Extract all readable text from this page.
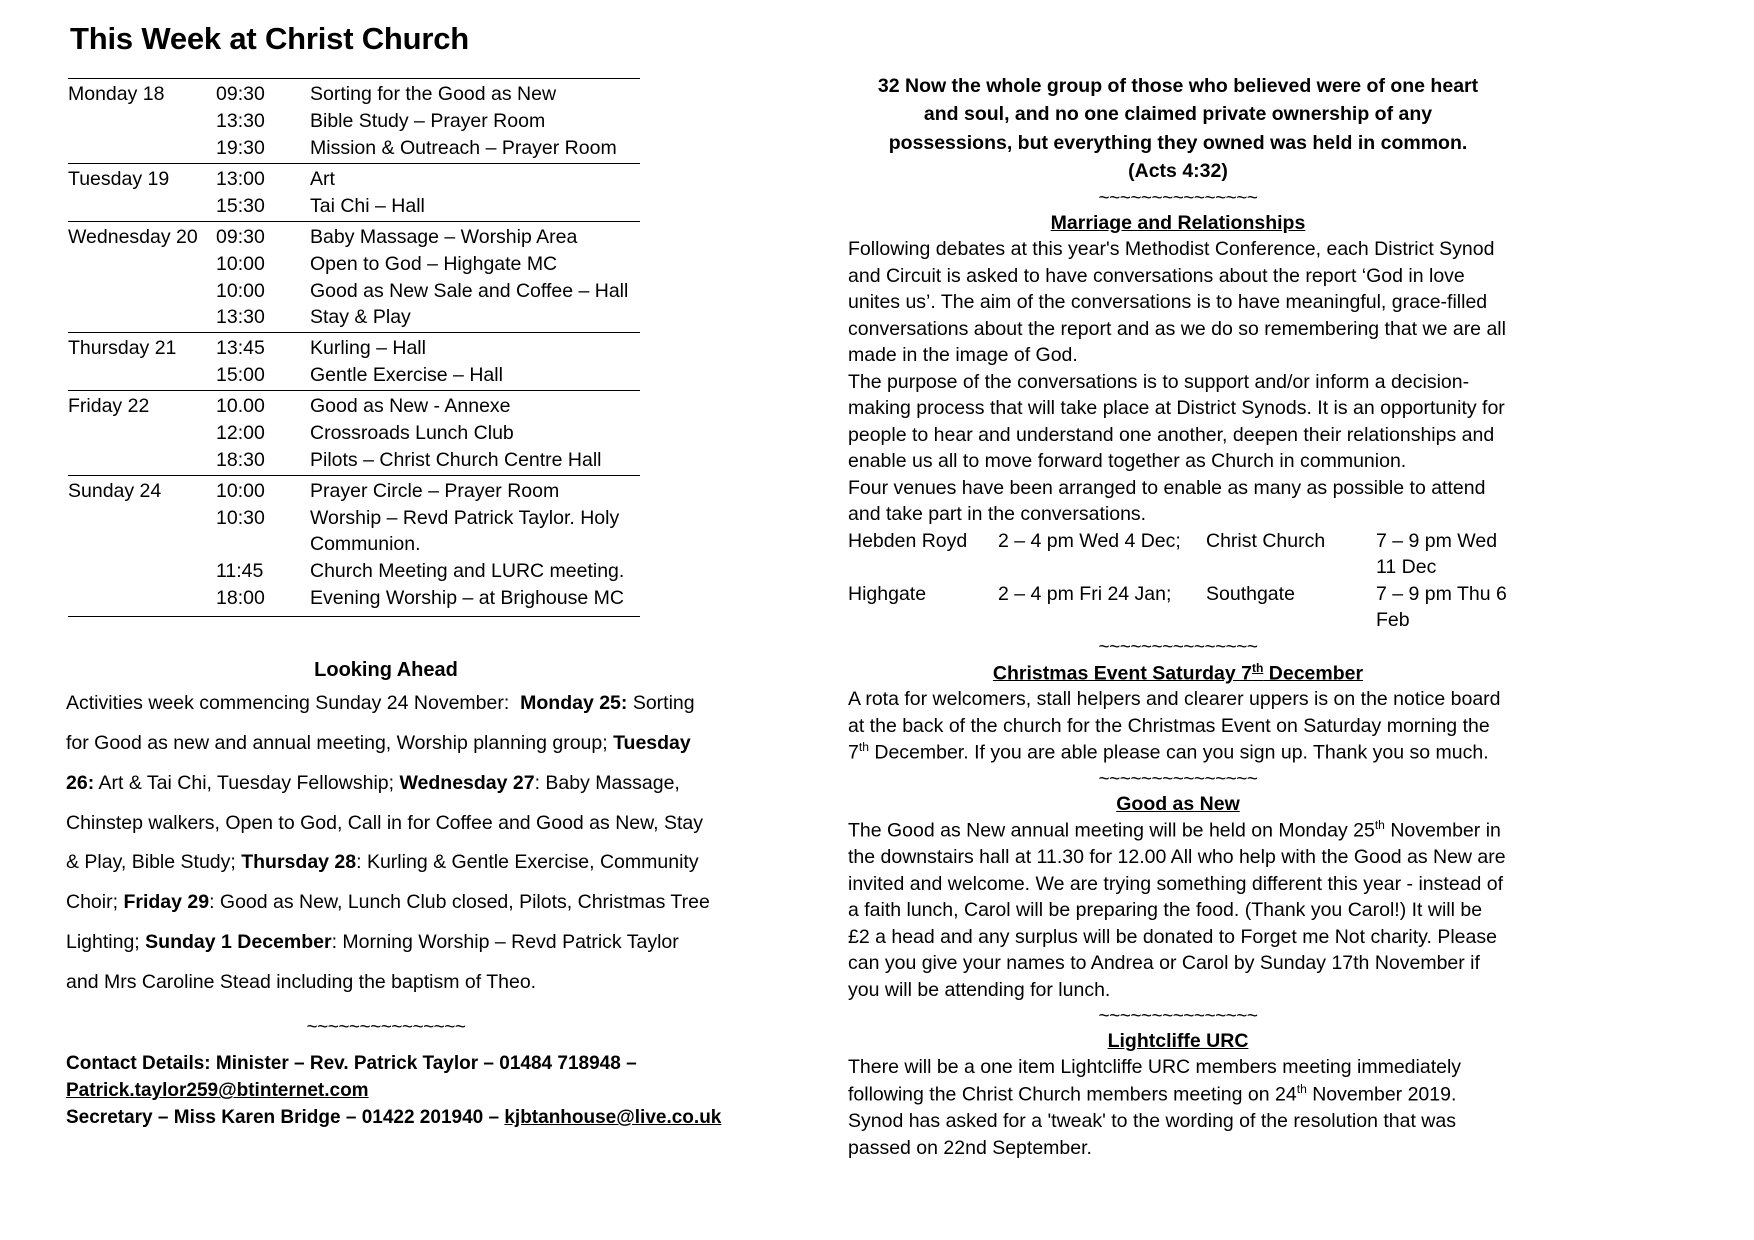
This Week at Christ Church
Monday 18	09:30	Sorting for the Good as New
	13:30	Bible Study – Prayer Room
	19:30	Mission & Outreach – Prayer Room
Tuesday 19	13:00	Art
	15:30	Tai Chi – Hall
Wednesday 20	09:30	Baby Massage – Worship Area
	10:00	Open to God – Highgate MC
	10:00	Good as New Sale and Coffee – Hall
	13:30	Stay & Play
Thursday 21	13:45	Kurling – Hall
	15:00	Gentle Exercise – Hall
Friday 22	10.00	Good as New - Annexe
	12:00	Crossroads Lunch Club
	18:30	Pilots – Christ Church Centre Hall
Sunday 24	10:00	Prayer Circle – Prayer Room
	10:30	Worship – Revd Patrick Taylor. Holy Communion.
	11:45	Church Meeting and LURC meeting.
	18:00	Evening Worship – at Brighouse MC
Looking Ahead
Activities week commencing Sunday 24 November:  Monday 25: Sorting for Good as new and annual meeting, Worship planning group; Tuesday 26: Art & Tai Chi, Tuesday Fellowship; Wednesday 27: Baby Massage, Chinstep walkers, Open to God, Call in for Coffee and Good as New, Stay & Play, Bible Study; Thursday 28: Kurling & Gentle Exercise, Community Choir; Friday 29: Good as New, Lunch Club closed, Pilots, Christmas Tree Lighting; Sunday 1 December: Morning Worship – Revd Patrick Taylor and Mrs Caroline Stead including the baptism of Theo.
~~~~~~~~~~~~~~~
Contact Details: Minister – Rev. Patrick Taylor – 01484 718948 –
Patrick.taylor259@btinternet.com
Secretary – Miss Karen Bridge – 01422 201940 – kjbtanhouse@live.co.uk
32 Now the whole group of those who believed were of one heart and soul, and no one claimed private ownership of any possessions, but everything they owned was held in common. (Acts 4:32)
~~~~~~~~~~~~~~~
Marriage and Relationships

Following debates at this year's Methodist Conference, each District Synod and Circuit is asked to have conversations about the report ‘God in love unites us’. The aim of the conversations is to have meaningful, grace-filled conversations about the report and as we do so remembering that we are all made in the image of God.

The purpose of the conversations is to support and/or inform a decision-making process that will take place at District Synods. It is an opportunity for people to hear and understand one another, deepen their relationships and enable us all to move forward together as Church in communion.

Four venues have been arranged to enable as many as possible to attend and take part in the conversations.

Hebden Royd	2 – 4 pm Wed 4 Dec;	Christ Church	7 – 9 pm Wed 11 Dec
Highgate	2 – 4 pm Fri 24 Jan;	Southgate	7 – 9 pm Thu 6 Feb
~~~~~~~~~~~~~~~
Christmas Event Saturday 7th December

A rota for welcomers, stall helpers and clearer uppers is on the notice board at the back of the church for the Christmas Event on Saturday morning the 7th December. If you are able please can you sign up. Thank you so much.

~~~~~~~~~~~~~~~
Good as New

The Good as New annual meeting will be held on Monday 25th November in the downstairs hall at 11.30 for 12.00 All who help with the Good as New are invited and welcome. We are trying something different this year - instead of a faith lunch, Carol will be preparing the food. (Thank you Carol!) It will be £2 a head and any surplus will be donated to Forget me Not charity. Please can you give your names to Andrea or Carol by Sunday 17th November if you will be attending for lunch.

~~~~~~~~~~~~~~~
Lightcliffe URC

There will be a one item Lightcliffe URC members meeting immediately following the Christ Church members meeting on 24th November 2019. Synod has asked for a 'tweak' to the wording of the resolution that was passed on 22nd September.
